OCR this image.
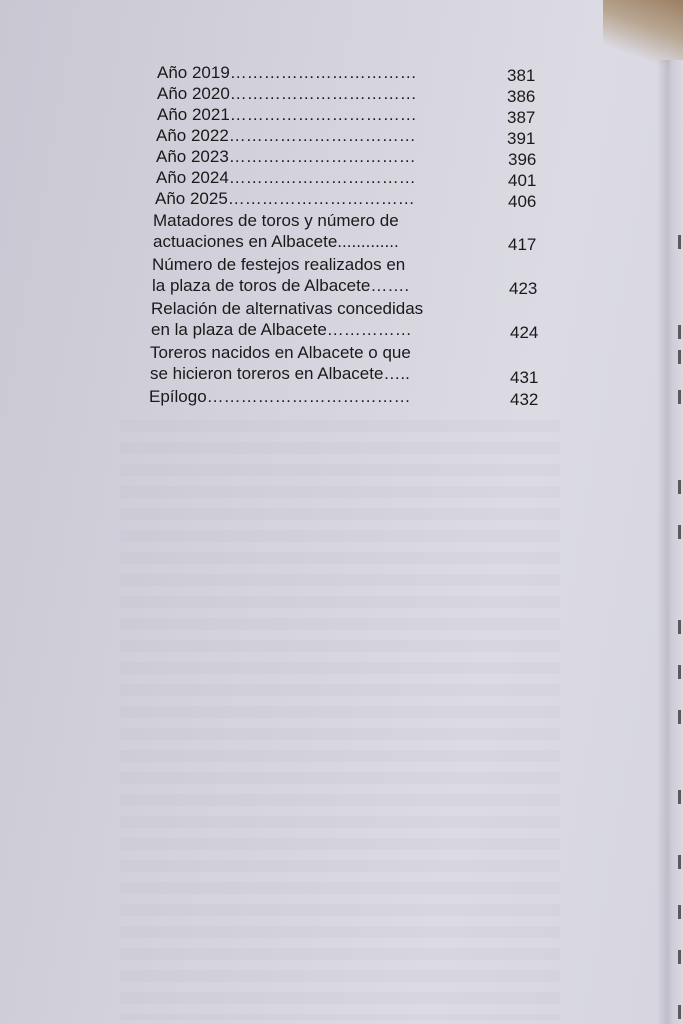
Año 2019……………………………	381
Año 2020……………………………	386
Año 2021……………………………	387
Año 2022……………………………	391
Año 2023……………………………	396
Año 2024……………………………	401
Año 2025……………………………	406
Matadores de toros y número de
actuaciones en Albacete.............	417
Número de festejos realizados en
la plaza de toros de Albacete…….	423
Relación de alternativas concedidas
en la plaza de Albacete……………	424
Toreros nacidos en Albacete o que
se hicieron toreros en Albacete…..	431
Epílogo………………………………	432
